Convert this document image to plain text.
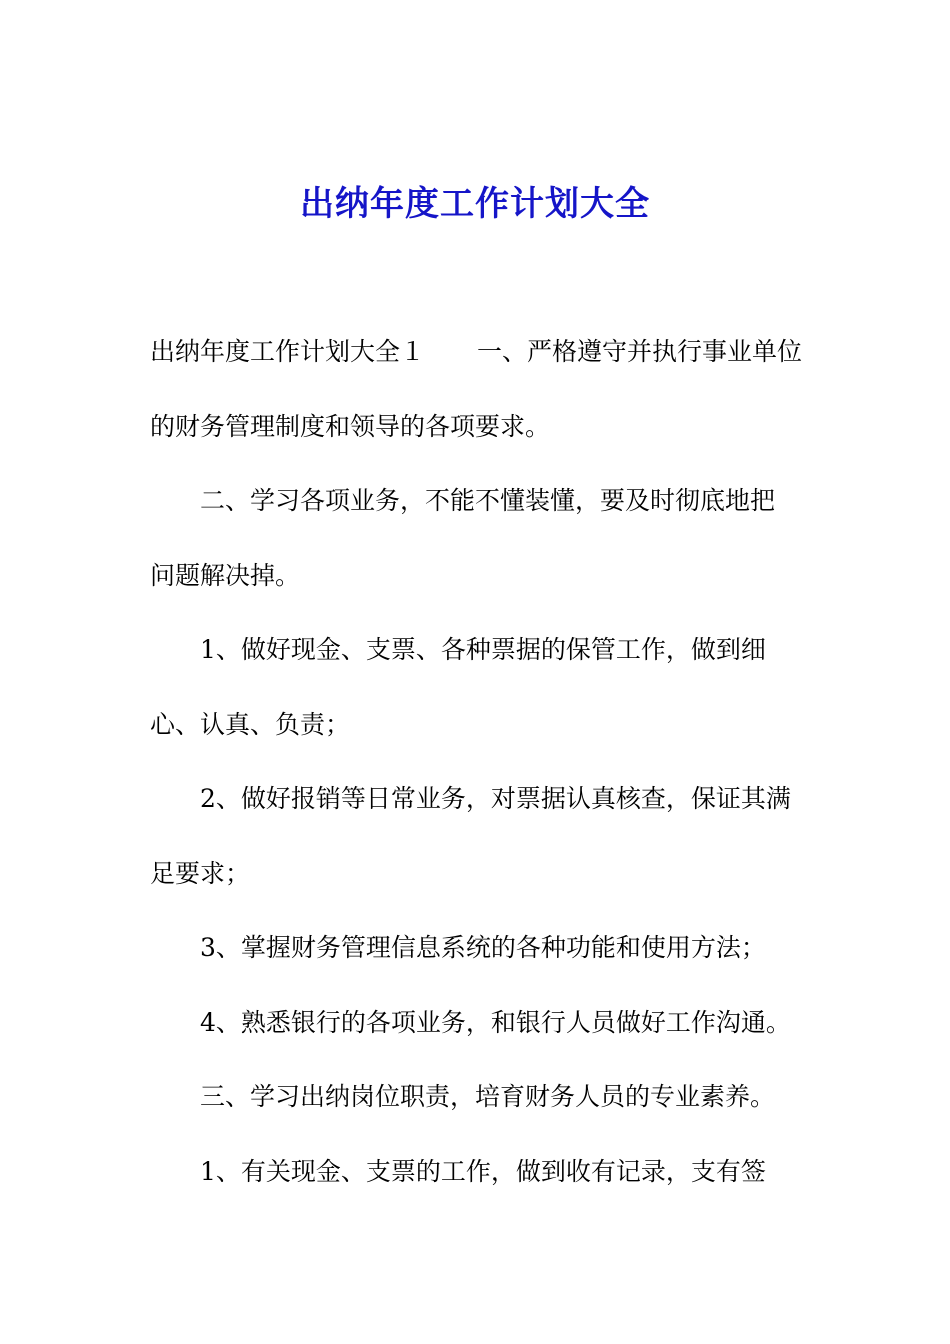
出纳年度工作计划大全
出纳年度工作计划大全１ 一、严格遵守并执行事业单位
的财务管理制度和领导的各项要求。
二、学习各项业务，不能不懂装懂，要及时彻底地把
问题解决掉。
1、做好现金、支票、各种票据的保管工作，做到细
心、认真、负责；
2、做好报销等日常业务，对票据认真核查，保证其满
足要求；
3、掌握财务管理信息系统的各种功能和使用方法；
4、熟悉银行的各项业务，和银行人员做好工作沟通。
三、学习出纳岗位职责，培育财务人员的专业素养。
1、有关现金、支票的工作，做到收有记录，支有签
